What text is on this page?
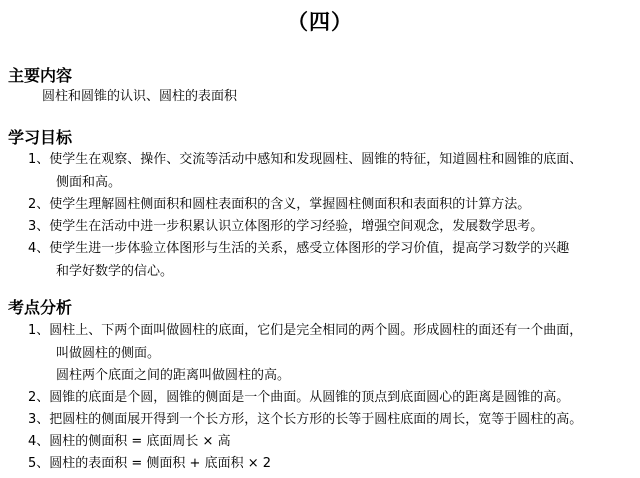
（四）
主要内容
圆柱和圆锥的认识、圆柱的表面积
学习目标
1、使学生在观察、操作、交流等活动中感知和发现圆柱、圆锥的特征，知道圆柱和圆锥的底面、
侧面和高。
2、使学生理解圆柱侧面积和圆柱表面积的含义，掌握圆柱侧面积和表面积的计算方法。
3、使学生在活动中进一步积累认识立体图形的学习经验，增强空间观念，发展数学思考。
4、使学生进一步体验立体图形与生活的关系，感受立体图形的学习价值，提高学习数学的兴趣
和学好数学的信心。
考点分析
1、圆柱上、下两个面叫做圆柱的底面，它们是完全相同的两个圆。形成圆柱的面还有一个曲面，
叫做圆柱的侧面。
圆柱两个底面之间的距离叫做圆柱的高。
2、圆锥的底面是个圆，圆锥的侧面是一个曲面。从圆锥的顶点到底面圆心的距离是圆锥的高。
3、把圆柱的侧面展开得到一个长方形，这个长方形的长等于圆柱底面的周长，宽等于圆柱的高。
4、圆柱的侧面积 = 底面周长 × 高
5、圆柱的表面积 = 侧面积 + 底面积 × 2
